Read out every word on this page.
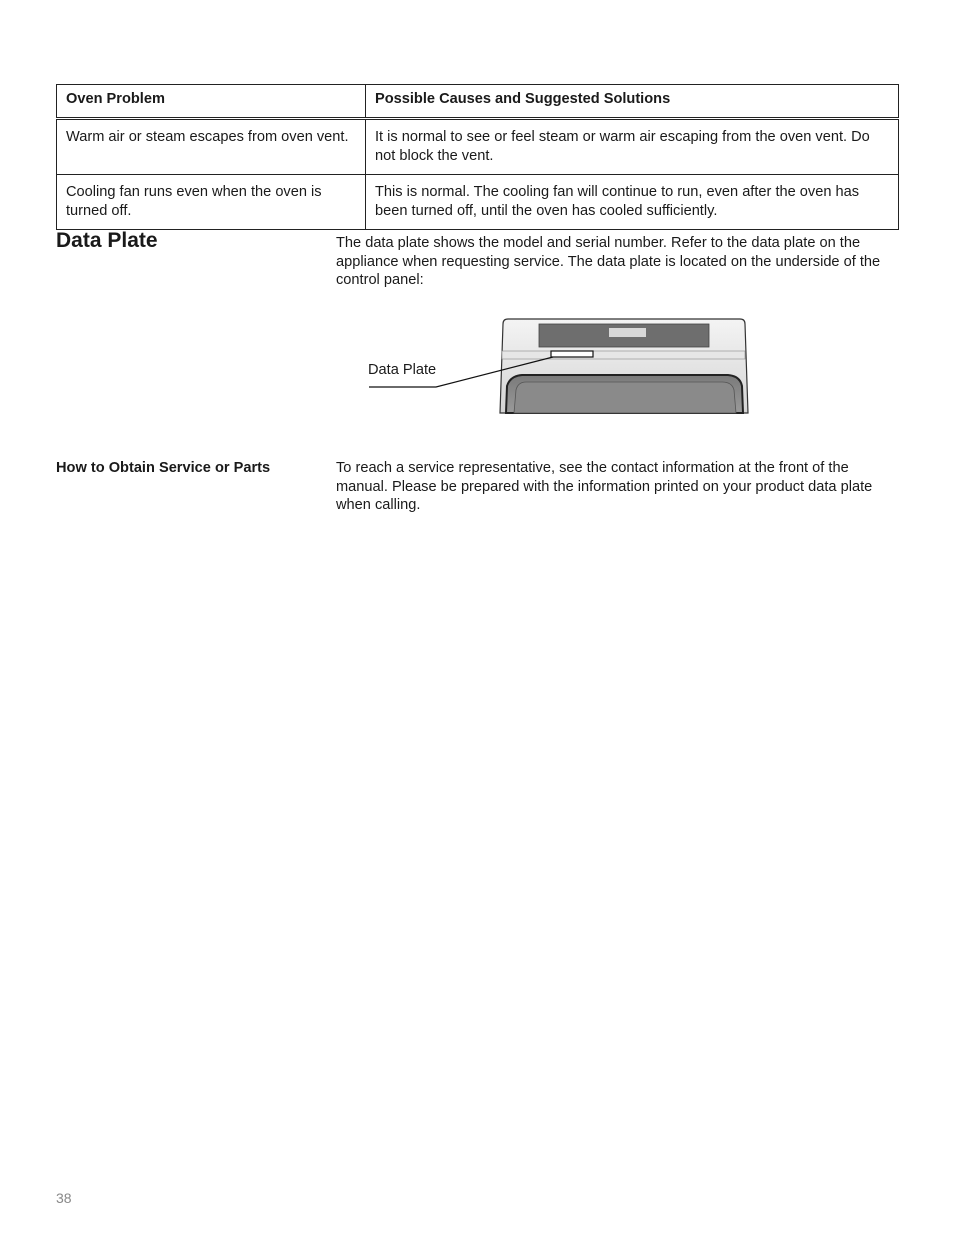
Oven Problem	Possible Causes and Suggested Solutions
Warm air or steam escapes from oven vent.	It is normal to see or feel steam or warm air escaping from the oven vent. Do not block the vent.
Cooling fan runs even when the oven is turned off.	This is normal. The cooling fan will continue to run, even after the oven has been turned off, until the oven has cooled sufficiently.
Data Plate	The data plate shows the model and serial number. Refer to the data plate on the appliance when requesting service. The data plate is located on the underside of the control panel:

Data Plate
How to Obtain Service or Parts	To reach a service representative, see the contact information at the front of the manual. Please be prepared with the information printed on your product data plate when calling.

38
